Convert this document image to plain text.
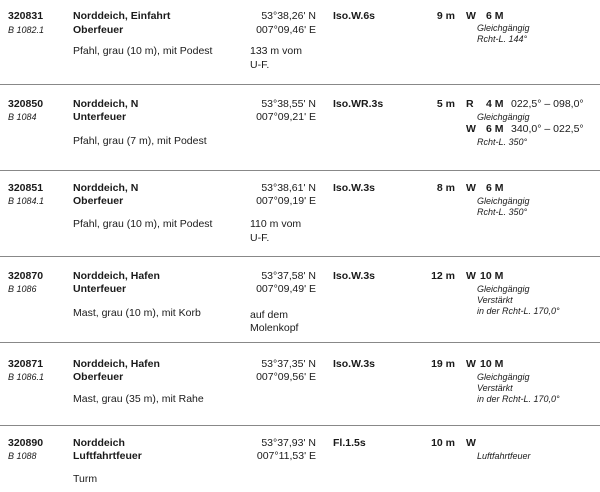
320831
B 1082.1
Norddeich, Einfahrt
Oberfeuer
Pfahl, grau (10 m), mit Podest
53°38,26' N
007°09,46' E
133 m vom
U-F.
Iso.W.6s	9 m W 6 M
Gleichgängig
Rcht-L. 144°
320850
B 1084
Norddeich, N
Unterfeuer
Pfahl, grau (7 m), mit Podest
53°38,55' N
007°09,21' E
Iso.WR.3s	5 m R 4 M 022,5° – 098,0°
Gleichgängig
W 6 M 340,0° – 022,5°
Rcht-L. 350°
320851
B 1084.1
Norddeich, N
Oberfeuer
Pfahl, grau (10 m), mit Podest
53°38,61' N
007°09,19' E
110 m vom
U-F.
Iso.W.3s	8 m W 6 M
Gleichgängig
Rcht-L. 350°
320870
B 1086
Norddeich, Hafen
Unterfeuer
Mast, grau (10 m), mit Korb
53°37,58' N
007°09,49' E
auf dem
Molenkopf
Iso.W.3s	12 m W 10 M
Gleichgängig
Verstärkt
in der Rcht-L. 170,0°
320871
B 1086.1
Norddeich, Hafen
Oberfeuer
Mast, grau (35 m), mit Rahe
53°37,35' N
007°09,56' E
Iso.W.3s	19 m W 10 M
Gleichgängig
Verstärkt
in der Rcht-L. 170,0°
320890
B 1088
Norddeich
Luftfahrtfeuer
Turm
53°37,93' N
007°11,53' E
Fl.1.5s	10 m W
Luftfahrtfeuer
